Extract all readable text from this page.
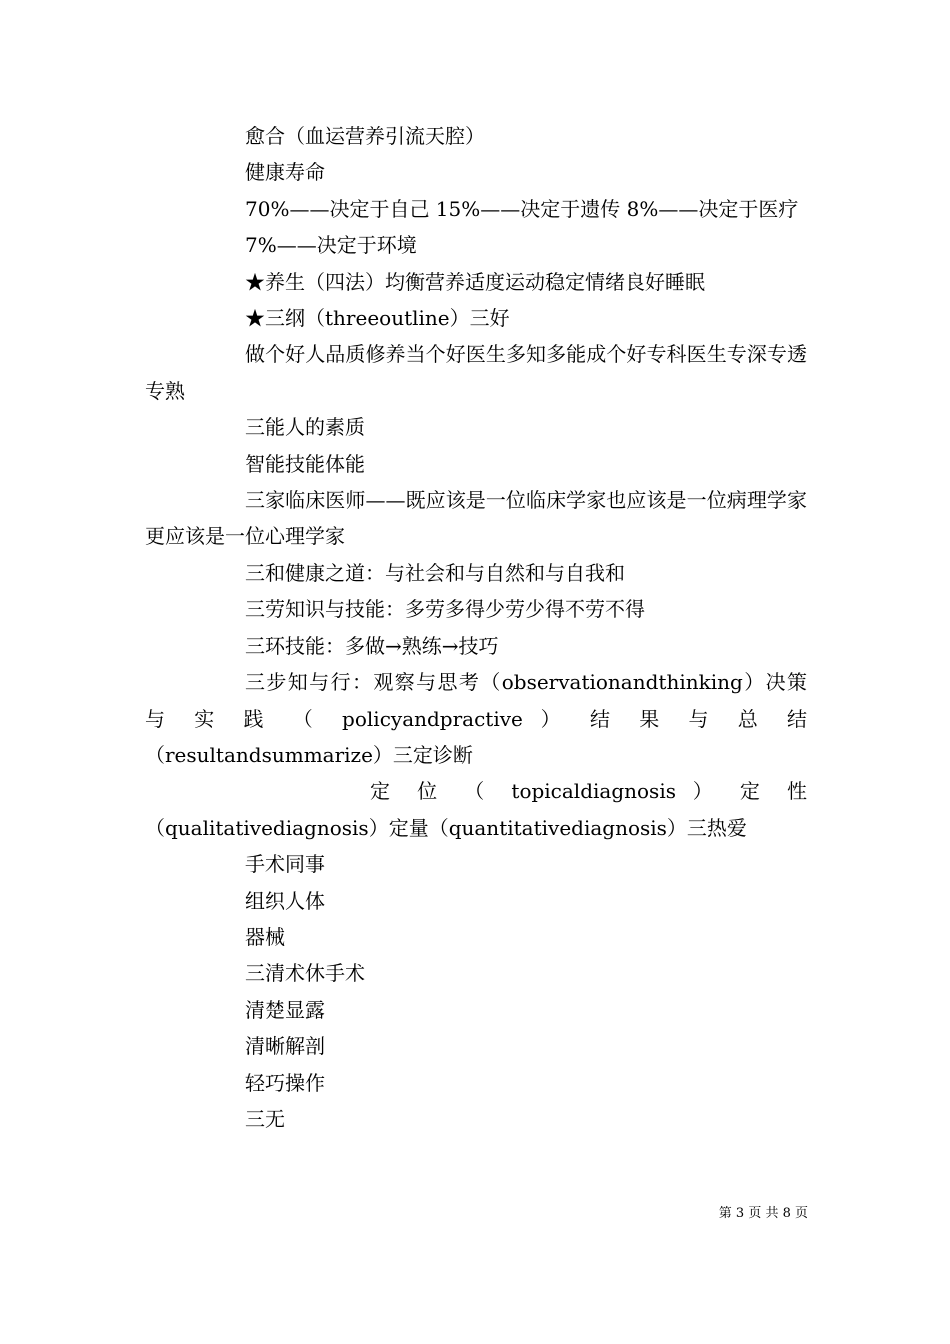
愈合（血运营养引流天腔）

健康寿命

70%——决定于自己 15%——决定于遗传 8%——决定于医疗

7%——决定于环境

★养生（四法）均衡营养适度运动稳定情绪良好睡眠

★三纲（threeoutline）三好

做个好人品质修养当个好医生多知多能成个好专科医生专深专透专熟

三能人的素质

智能技能体能

三家临床医师——既应该是一位临床学家也应该是一位病理学家更应该是一位心理学家

三和健康之道：与社会和与自然和与自我和

三劳知识与技能：多劳多得少劳少得不劳不得

三环技能：多做→熟练→技巧

三步知与行：观察与思考（observationandthinking）决策 与 实 践 （ policyandpractive ） 结 果 与 总 结（resultandsummarize）三定诊断

定 位 （ topicaldiagnosis ） 定 性（qualitativediagnosis）定量（quantitativediagnosis）三热爱

手术同事

组织人体

器械

三清术休手术

清楚显露

清晰解剖

轻巧操作

三无

第 3 页 共 8 页
